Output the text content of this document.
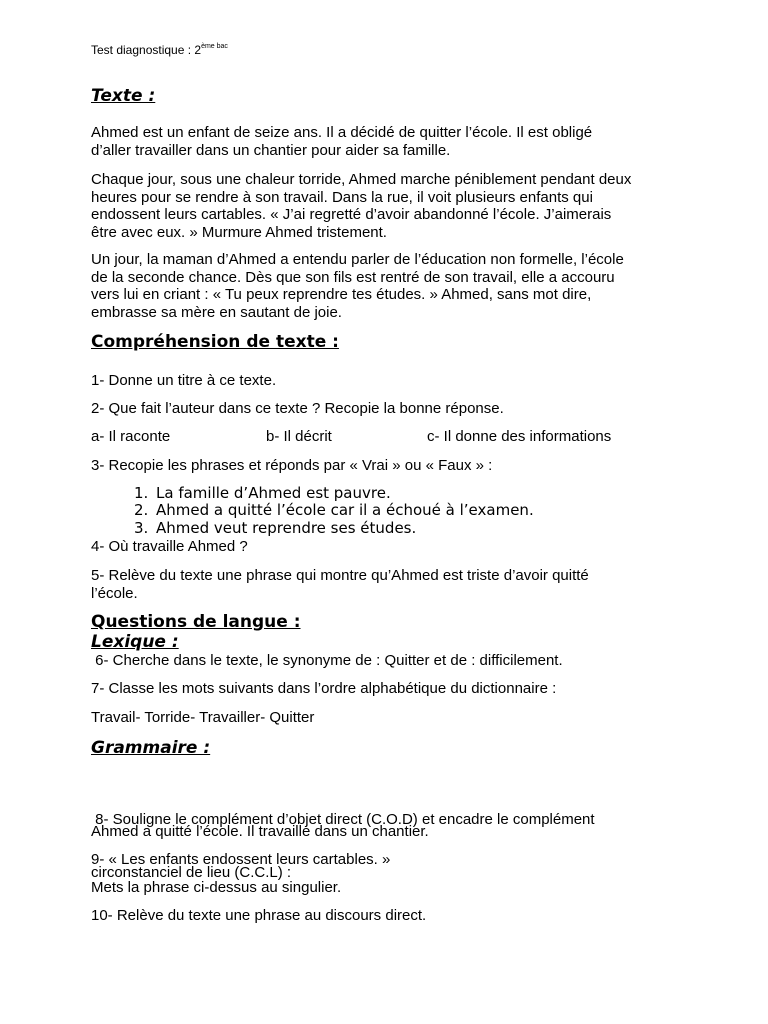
Test diagnostique : $2^{ème bac}$
Texte :
Ahmed est un enfant de seize ans. Il a décidé de quitter l’école. Il est obligé
d’aller travailler dans un chantier pour aider sa famille.
Chaque jour, sous une chaleur torride, Ahmed marche péniblement pendant deux
heures pour se rendre à son travail. Dans la rue, il voit plusieurs enfants qui
endossent leurs cartables. « J’ai regretté d’avoir abandonné l’école. J’aimerais
être avec eux. » Murmure Ahmed tristement.
Un jour, la maman d’Ahmed a entendu parler de l’éducation non formelle, l’école
de la seconde chance. Dès que son fils est rentré de son travail, elle a accouru
vers lui en criant : « Tu peux reprendre tes études. » Ahmed, sans mot dire,
embrasse sa mère en sautant de joie.
Compréhension de texte :
1- Donne un titre à ce texte.
2- Que fait l’auteur dans ce texte ? Recopie la bonne réponse.
a- Il raconte	b- Il décrit	c- Il donne des informations
3- Recopie les phrases et réponds par « Vrai » ou « Faux » :
1. La famille d’Ahmed est pauvre.
2. Ahmed a quitté l’école car il a échoué à l’examen.
3. Ahmed veut reprendre ses études.
4- Où travaille Ahmed ?
5- Relève du texte une phrase qui montre qu’Ahmed est triste d’avoir quitté
l’école.
Questions de langue :
Lexique :
6- Cherche dans le texte, le synonyme de : Quitter et de : difficilement.
7- Classe les mots suivants dans l’ordre alphabétique du dictionnaire :
Travail- Torride- Travailler- Quitter
Grammaire :

8- Souligne le complément d’objet direct (C.O.D) et encadre le complément

circonstanciel de lieu (C.C.L) :

Ahmed a quitté l’école. Il travaille dans un chantier.
9- « Les enfants endossent leurs cartables. »
Mets la phrase ci-dessus au singulier.
10- Relève du texte une phrase au discours direct.
